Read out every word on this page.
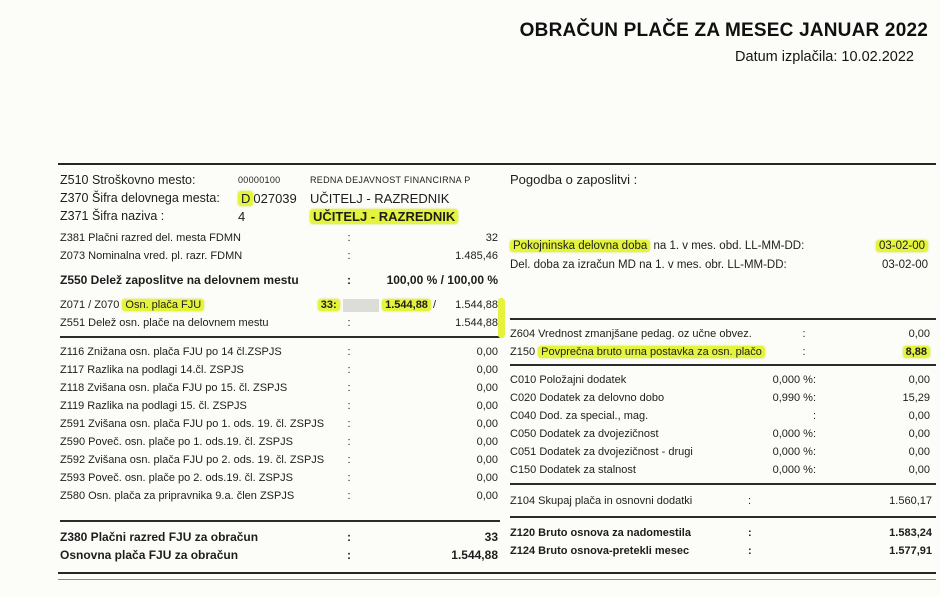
OBRAČUN PLAČE ZA MESEC JANUAR 2022
Datum izplačila: 10.02.2022
Z510 Stroškovno mesto:	00000100	REDNA DEJAVNOST FINANCIRNA P
Z370 Šifra delovnega mesta:	D 027039	UČITELJ - RAZREDNIK
Z371 Šifra naziva :	4	UČITELJ - RAZREDNIK
Z381 Plačni razred del. mesta FDMN	:	32
Z073 Nominalna vred. pl. razr. FDMN	:	1.485,46
Z550 Delež zaposlitve na delovnem mestu	:	100,00 % / 100,00 %
Z071 / Z070 Osn. plača FJU	33:	1.544,88 /	1.544,88
Z551 Delež osn. plače na delovnem mestu	:	1.544,88
Z116 Znižana osn. plača FJU po 14 čl.ZSPJS	:	0,00
Z117 Razlika na podlagi 14.čl. ZSPJS	:	0,00
Z118 Zvišana osn. plača FJU po 15. čl. ZSPJS	:	0,00
Z119 Razlika na podlagi 15. čl. ZSPJS	:	0,00
Z591 Zvišana osn. plača FJU po 1. ods. 19. čl. ZSPJS	:	0,00
Z590 Poveč. osn. plače po 1. ods.19. čl. ZSPJS	:	0,00
Z592 Zvišana osn. plača FJU po 2. ods. 19. čl. ZSPJS	:	0,00
Z593 Poveč. osn. plače po 2. ods.19. čl. ZSPJS	:	0,00
Z580 Osn. plača za pripravnika 9.a. člen ZSPJS	:	0,00
Z380 Plačni razred FJU za obračun	:	33
Osnovna plača FJU za obračun	:	1.544,88
Pogodba o zaposlitvi :
Pokojninska delovna doba na 1. v mes. obd. LL-MM-DD:	03-02-00
Del. doba za izračun MD na 1. v mes. obr. LL-MM-DD:	03-02-00
Z604 Vrednost zmanjšane pedag. oz učne obvez.	:	0,00
Z150 Povprečna bruto urna postavka za osn. plačo	:	8,88
C010 Položajni dodatek	0,000 %:	0,00
C020 Dodatek za delovno dobo	0,990 %:	15,29
C040 Dod. za special., mag.	:	0,00
C050 Dodatek za dvojezičnost	0,000 %:	0,00
C051 Dodatek za dvojezičnost - drugi	0,000 %:	0,00
C150 Dodatek za stalnost	0,000 %:	0,00
Z104 Skupaj plača in osnovni dodatki	:	1.560,17
Z120 Bruto osnova za nadomestila	:	1.583,24
Z124 Bruto osnova-pretekli mesec	:	1.577,91
